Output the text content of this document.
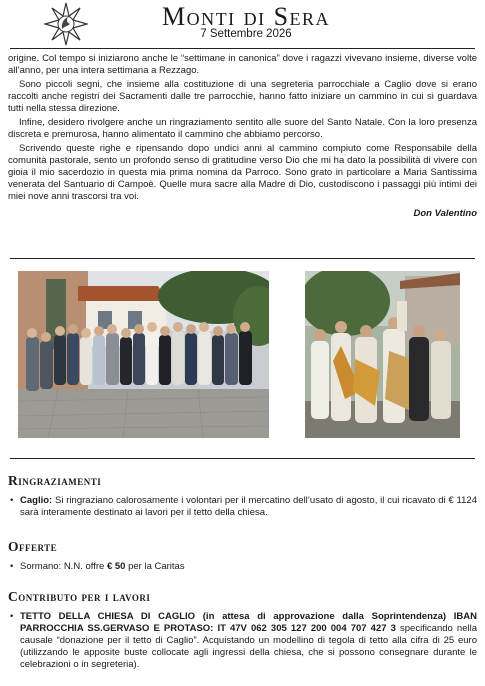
Monti di Sera
7 Settembre 2026

origine. Col tempo si iniziarono anche le “settimane in canonica” dove i ragazzi vivevano insieme, diverse volte all’anno, per una intera settimana a Rezzago.

Sono piccoli segni, che insieme alla costituzione di una segreteria parrocchiale a Caglio dove si erano raccolti anche registri dei Sacramenti dalle tre parrocchie, hanno fatto iniziare un cammino in cui si guardava tutti nella stessa direzione.

Infine, desidero rivolgere anche un ringraziamento sentito alle suore del Santo Natale. Con la loro presenza discreta e premurosa, hanno alimentato il cammino che abbiamo percorso.

Scrivendo queste righe e ripensando dopo undici anni al cammino compiuto come Responsabile della comunità pastorale, sento un profondo senso di gratitudine verso Dio che mi ha dato la possibilità di vivere con gioia il mio sacerdozio in questa mia prima nomina da Parroco. Sono grato in particolare a Maria Santissima venerata del Santuario di Campoè. Quelle mura sacre alla Madre di Dio, custodiscono i passaggi più intimi dei miei nove anni trascorsi tra voi.

Don Valentino
Ringraziamenti
• Caglio: Si ringraziano calorosamente i volontari per il mercatino dell’usato di agosto, il cui ricavato di € 1124 sarà interamente destinato ai lavori per il tetto della chiesa.
Offerte
• Sormano: N.N. offre € 50 per la Caritas
Contributo per i lavori
• TETTO DELLA CHIESA DI CAGLIO (in attesa di approvazione dalla Soprintendenza) IBAN PARROCCHIA SS.GERVASO E PROTASO: IT 47V 062 305 127 200 004 707 427 3 specificando nella causale “donazione per il tetto di Caglio”. Acquistando un modellino di tegola di tetto alla cifra di 25 euro (utilizzando le apposite buste collocate agli ingressi della chiesa, che si possono consegnare durante le celebrazioni o in segreteria).
